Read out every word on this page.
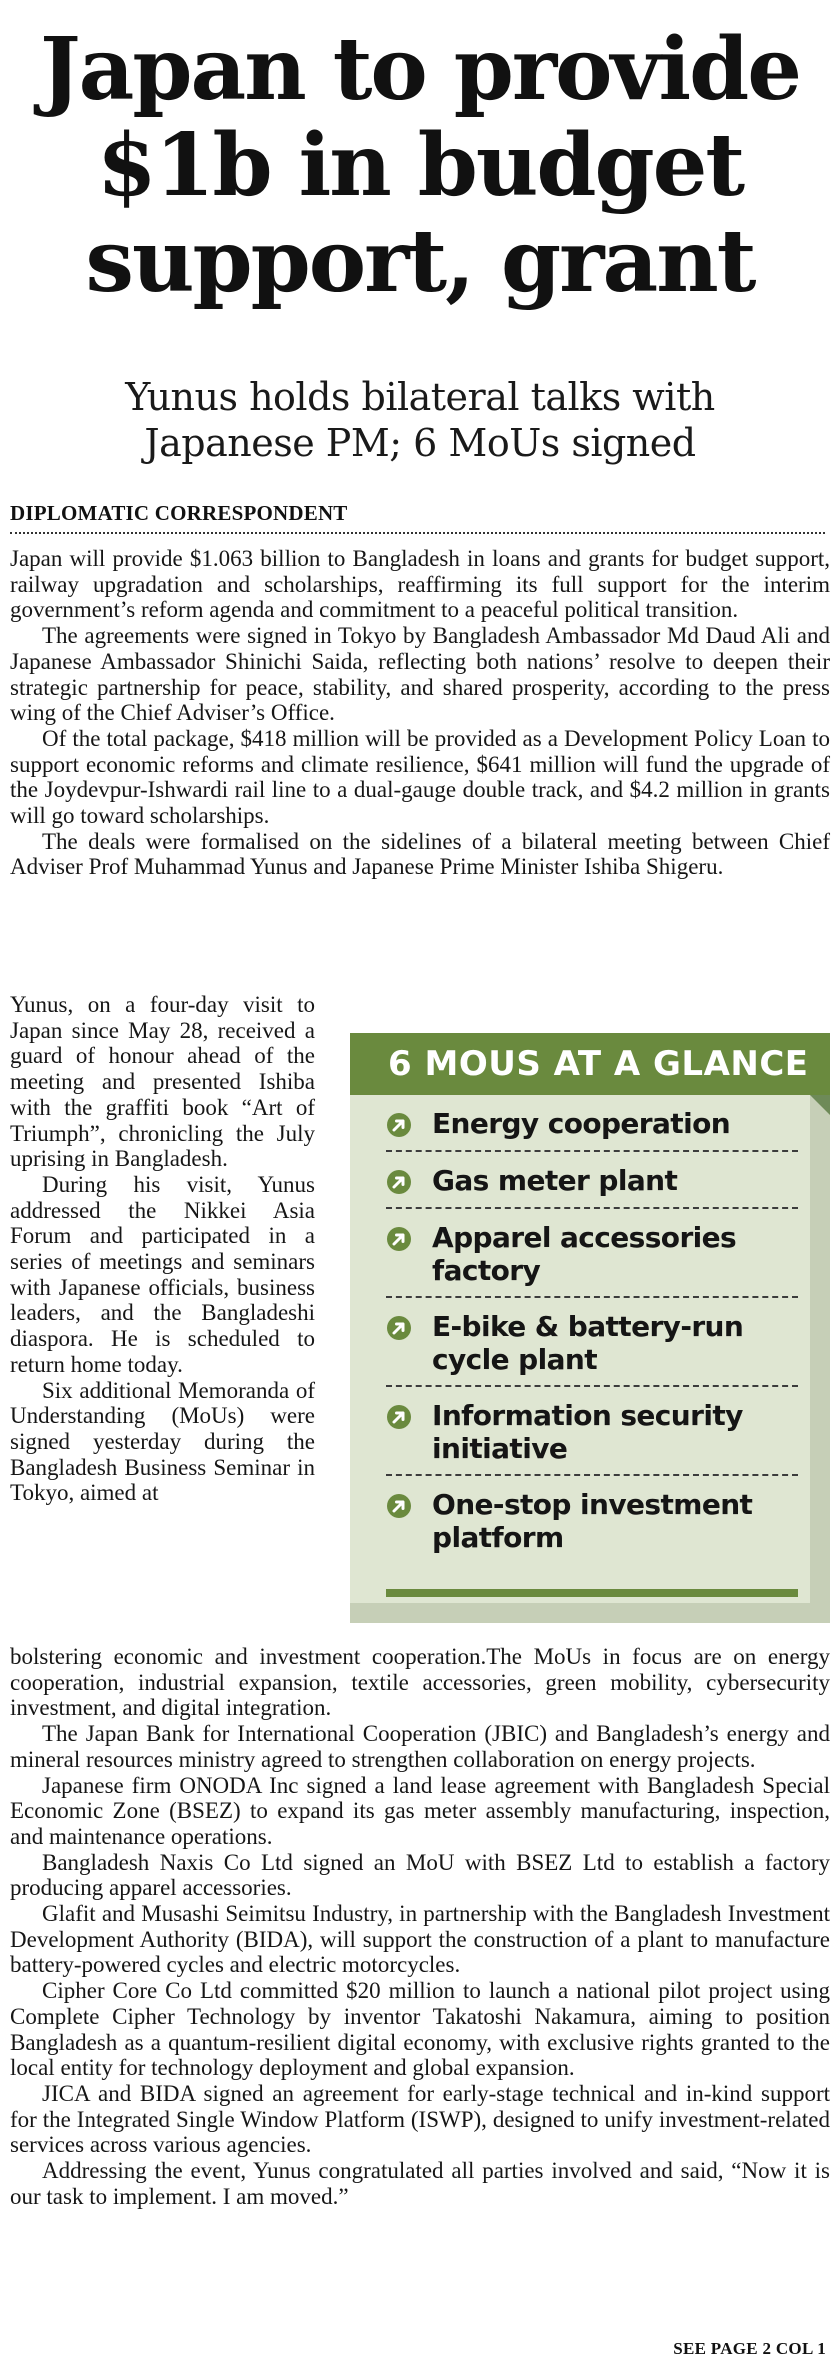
Japan to provide
$1b in budget
support, grant
Yunus holds bilateral talks with
Japanese PM; 6 MoUs signed
DIPLOMATIC CORRESPONDENT

Japan will provide $1.063 billion to Bangladesh in loans and grants for budget support, railway upgradation and scholarships, reaffirming its full support for the interim government’s reform agenda and commitment to a peaceful political transition.

The agreements were signed in Tokyo by Bangladesh Ambassador Md Daud Ali and Japanese Ambassador Shinichi Saida, reflecting both nations’ resolve to deepen their strategic partnership for peace, stability, and shared prosperity, according to the press wing of the Chief Adviser’s Office.

Of the total package, $418 million will be provided as a Development Policy Loan to support economic reforms and climate resilience, $641 million will fund the upgrade of the Joydevpur-Ishwardi rail line to a dual-gauge double track, and $4.2 million in grants will go toward scholarships.

The deals were formalised on the sidelines of a bilateral meeting between Chief Adviser Prof Muhammad Yunus and Japanese Prime Minister Ishiba Shigeru.

Yunus, on a four-day visit to Japan since May 28, received a guard of honour ahead of the meeting and presented Ishiba with the graffiti book “Art of Triumph”, chronicling the July uprising in Bangladesh.

During his visit, Yunus addressed the Nikkei Asia Forum and participated in a series of meetings and seminars with Japanese officials, business leaders, and the Bangladeshi diaspora. He is scheduled to return home today.

Six additional Memoranda of Understanding (MoUs) were signed yesterday during the Bangladesh Business Seminar in Tokyo, aimed at

6 MOUS AT A GLANCE
Energy cooperation
Gas meter plant
Apparel accessories
factory
E-bike & battery-run
cycle plant
Information security
initiative
One-stop investment
platform

bolstering economic and investment cooperation.The MoUs in focus are on energy cooperation, industrial expansion, textile accessories, green mobility, cybersecurity investment, and digital integration.

The Japan Bank for International Cooperation (JBIC) and Bangladesh’s energy and mineral resources ministry agreed to strengthen collaboration on energy projects.

Japanese firm ONODA Inc signed a land lease agreement with Bangladesh Special Economic Zone (BSEZ) to expand its gas meter assembly manufacturing, inspection, and maintenance operations.

Bangladesh Naxis Co Ltd signed an MoU with BSEZ Ltd to establish a factory producing apparel accessories.

Glafit and Musashi Seimitsu Industry, in partnership with the Bangladesh Investment Development Authority (BIDA), will support the construction of a plant to manufacture battery-powered cycles and electric motorcycles.

Cipher Core Co Ltd committed $20 million to launch a national pilot project using Complete Cipher Technology by inventor Takatoshi Nakamura, aiming to position Bangladesh as a quantum-resilient digital economy, with exclusive rights granted to the local entity for technology deployment and global expansion.

JICA and BIDA signed an agreement for early-stage technical and in-kind support for the Integrated Single Window Platform (ISWP), designed to unify investment-related services across various agencies.

Addressing the event, Yunus congratulated all parties involved and said, “Now it is our task to implement. I am moved.”

SEE PAGE 2 COL 1
